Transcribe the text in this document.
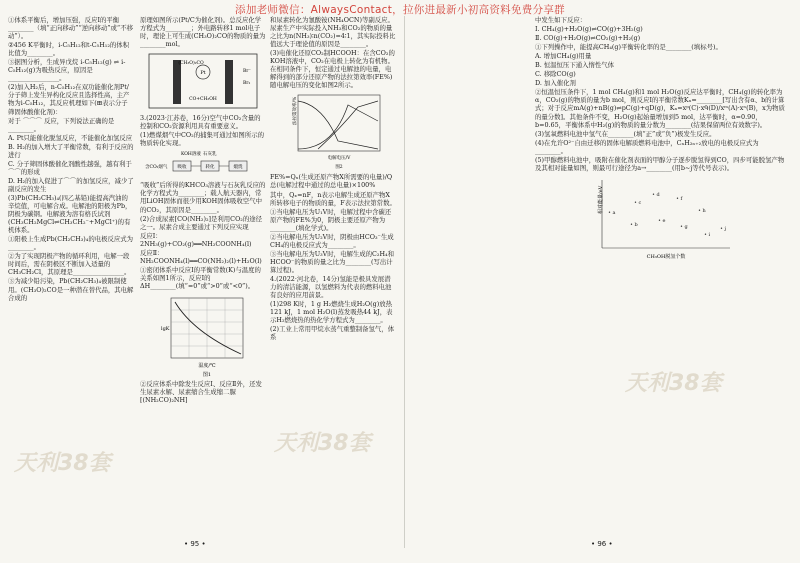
添加老师微信：AlwaysContact，拉你进最新小初高资料免费分享群

①体系平衡后，增加压强，反应Ⅰ的平衡________（填“正向移动”“逆向移动”或“不移动”）。

②456 K平衡时，i-C₅H₁₂和t-C₅H₁₂的体积比值为________。

③据图分析，生成异戊烷 i-C₅H₁₂(g) ⇌ i-C₅H₁₂(g)为吸热反应，原因是________________。

(2)加入H₂后，n-C₅H₁₂在双功能催化剂Pt/分子筛上发生异构化反应且选择性高，主产物为i-C₅H₁₂，其反应机理如下(⊞表示分子筛固体酸催化剂)：

对于 ⌒⌒⌒ 反应，下列说法正确的是________。

A. Pt只能催化脱氢反应，不能催化加氢反应

B. H₂的加入增大了平衡常数，有利于反应的进行

C. 分子筛固体酸催化剂酸性越强，越有利于⌒⌒的形成

D. H₂的加入促进了⌒⌒的加氢反应，减少了副反应的发生

(3)Pb(CH₂CH₃)₄(四乙基铅)能提高汽油的辛烷值，可电解合成。电解池的阳极为Pb，阴极为碳钢。电解液为溶有格氏试剂(CH₃CH₂MgCl⇌CH₃CH₂⁻+MgCl⁺)的有机体系。

①阳极上生成Pb(CH₂CH₃)₄的电极反应式为________。

②为了实现阴极产物的循环利用，电解一段时间后，需在阴极区不断加入适量的CH₃CH₂Cl，其原理是________________。

③为减少铅污染，Pb(CH₂CH₃)₄被限制使用。(CH₃O)₂CO是一种潜在替代品，其电解合成的

原理如图所示(Pt/C为催化剂)。总反应化学方程式为________；外电路转移1 mol电子时，理论上可生成(CH₃O)₂CO的物质的量为________mol。

Pt
(CH₃O)₂CO
CO+CH₃OH
Br⁻
Br₂

3.(2023·江苏卷，16分)空气中CO₂含量的控制和CO₂资源利用具有重要意义。

(1)燃煤烟气中CO₂的捕集可通过如图所示的物质转化实现。

KOH溶液 石灰乳
含CO₂烟气 吸收	转化	煅烧

“吸收”后所得的KHCO₃溶液与石灰乳反应的化学方程式为________；载人航天器内，常用LiOH固体而很少用KOH固体吸收空气中的CO₂，其原因是________。

(2)合成尿素[CO(NH₂)₂]是利用CO₂的途径之一。尿素合成主要通过下列反应实现

反应Ⅰ：2NH₃(g)+CO₂(g)══NH₂COONH₄(l)

反应Ⅱ：NH₂COONH₄(l)══CO(NH₂)₂(l)+H₂O(l)

①密闭体系中反应Ⅰ的平衡常数(K)与温度的关系如图1所示，反应Ⅰ的ΔH________(填“=0”或“>0”或“<0”)。

lgK
温度/℃
图1

②反应体系中除发生反应Ⅰ、反应Ⅱ外，还发生尿素水解、尿素缩合生成缩二脲[(NH₂CO)₂NH]

和尿素转化为氰酸铵(NH₄OCN)等副反应。尿素生产中实际投入NH₃和CO₂的物质的量之比为n(NH₃)∶n(CO₂)=4∶1，其实际投料比值远大于理论值的原因是________。

(3)电催化还原CO₂制HCOOH：在含CO₂的KOH溶液中，CO₂在电极上转化为有机物。在相同条件下，恒定通过电解池的电量，电解得到的部分还原产物的法拉第效率(FE%)随电解电压的变化如图2所示。

法拉第效率/%
电解电压/V
图2

FE%=Qₓ(生成还原产物X所需要的电量)/Q总(电解过程中通过的总电量)×100%

其中，Qₓ=nF，n表示电解生成还原产物X所转移电子的物质的量，F表示法拉第常数。

①当电解电压为U₁V时，电解过程中含碳还原产物的FE%为0，阴极主要还原产物为________(填化学式)。

②当电解电压为U₂V时，阴极由HCO₃⁻生成CH₄的电极反应式为________。

③当电解电压为U₃V时，电解生成的C₂H₄和HCOO⁻的物质的量之比为________(写出计算过程)。

4.(2022·河北卷，14分)氢能是极具发展潜力的清洁能源，以氢燃料为代表的燃料电池有良好的应用前景。

(1)298 K时，1 g H₂燃烧生成H₂O(g)放热121 kJ，1 mol H₂O(l)蒸发吸热44 kJ，表示H₂燃烧热的热化学方程式为________。

(2)工业上常用甲烷水蒸气重整制备氢气，体系

• 95 •
天利38套
天利38套

中发生如下反应：

Ⅰ. CH₄(g)+H₂O(g)⇌CO(g)+3H₂(g)

Ⅱ. CO(g)+H₂O(g)⇌CO₂(g)+H₂(g)

①下列操作中，能提高CH₄(g)平衡转化率的是________(填标号)。

A. 增加CH₄(g)用量

B. 恒温恒压下通入惰性气体

C. 移除CO(g)

D. 加入催化剂

②恒温恒压条件下，1 mol CH₄(g)和1 mol H₂O(g)反应达平衡时，CH₄(g)的转化率为α，CO₂(g)的物质的量为b mol，则反应Ⅰ的平衡常数Kₓ=________[写出含有α、b的计算式；对于反应mA(g)+nB(g)⇌pC(g)+qD(g)，Kₓ=xᵖ(C)·xᑫ(D)/xᵐ(A)·xⁿ(B)，x为物质的量分数]。其他条件不变，H₂O(g)起始量增加到5 mol，达平衡时，α=0.90，b=0.65，平衡体系中H₂(g)的物质的量分数为________(结果保留两位有效数字)。

(3)氢氧燃料电池中氢气在________(填“正”或“负”)极发生反应。

(4)在允许O²⁻自由迁移的固体电解质燃料电池中，CₙH₂ₙ₊₂放电的电极反应式为________。

(5)甲醇燃料电池中，吸附在催化剂表面的甲醇分子逐步脱氢得到CO，四步可能脱氢产物及其相对能量如图，则最可行途径为a→________(用b~j等代号表示)。

• a
• b
• c
• d
• e
• f
• g
• h
• i
• j
CH₃OH脱氢个数
相对能量/eV
• 96 •
天利38套
